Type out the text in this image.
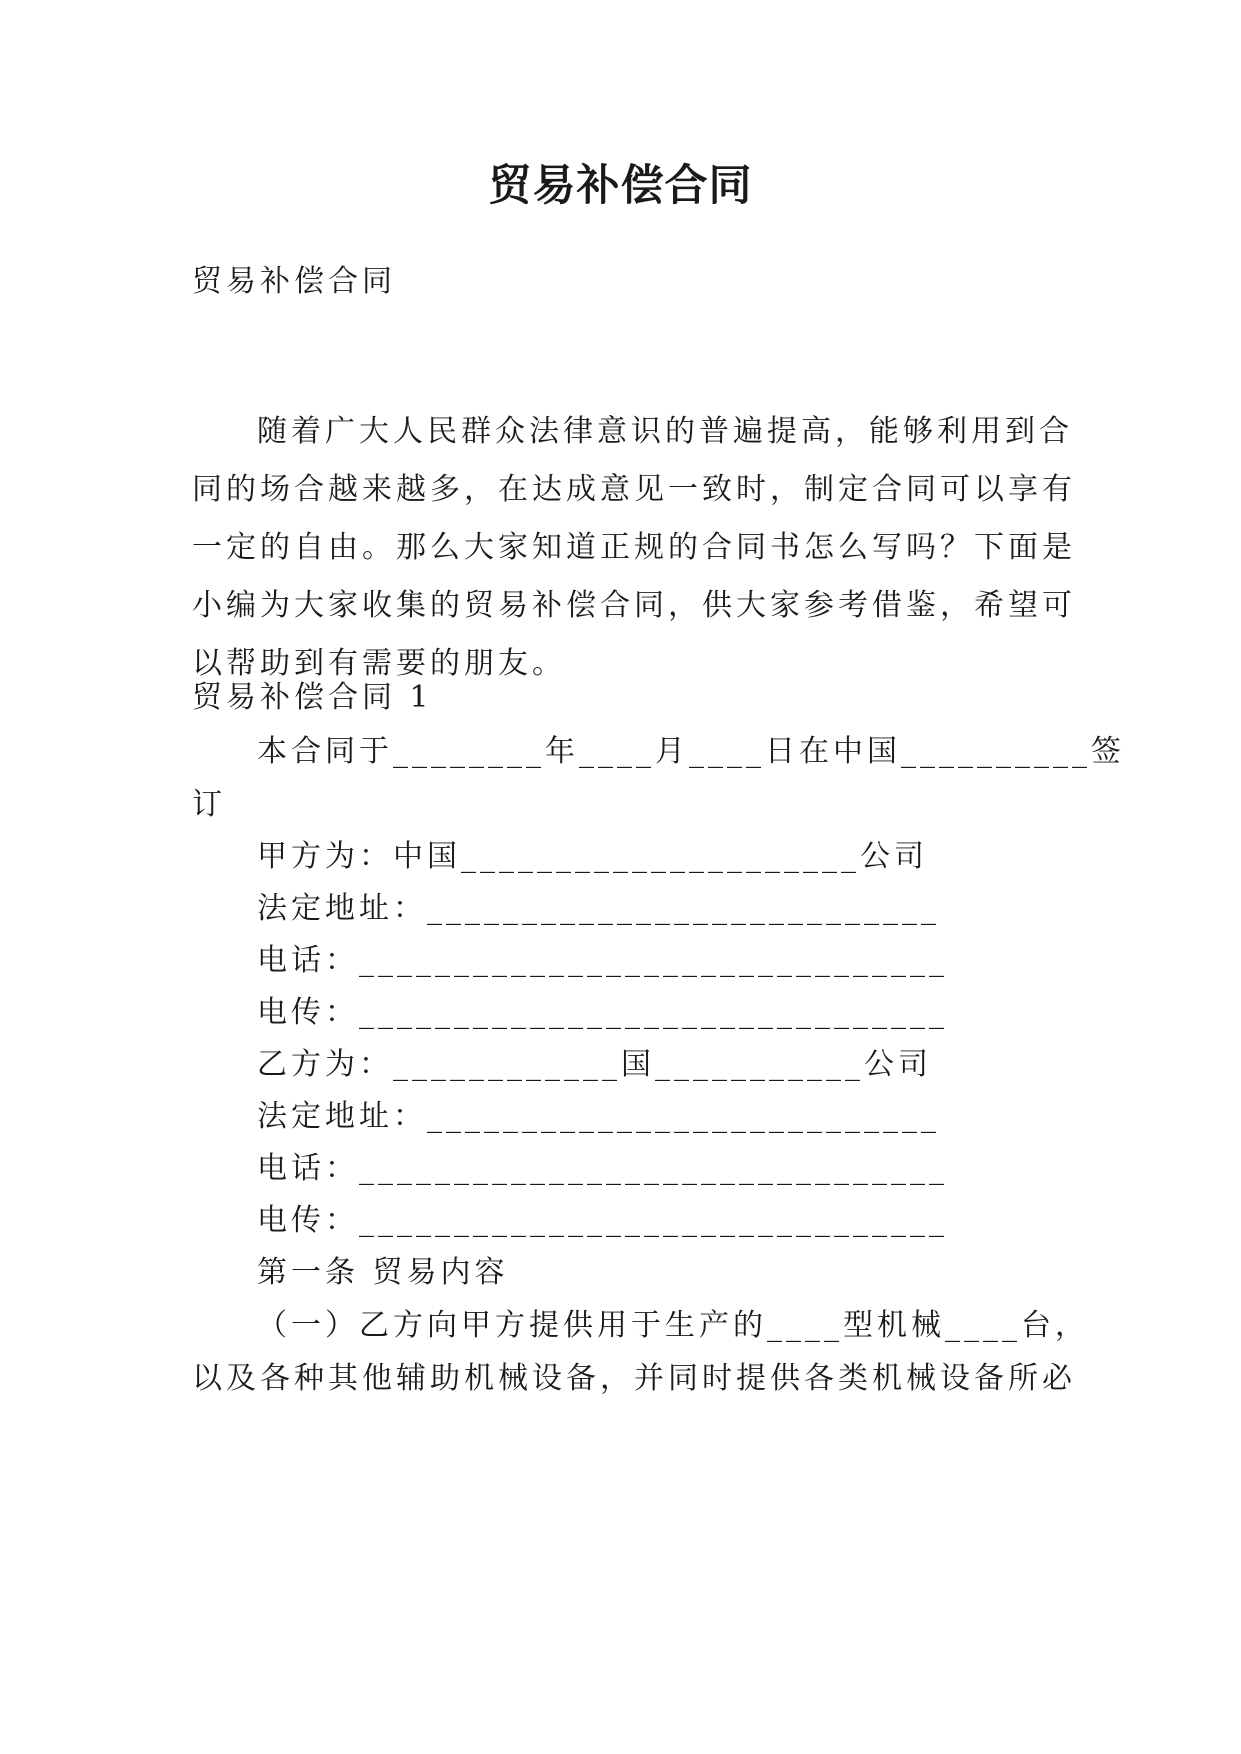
贸易补偿合同

贸易补偿合同

随着广大人民群众法律意识的普遍提高，能够利用到合
同的场合越来越多，在达成意见一致时，制定合同可以享有
一定的自由。那么大家知道正规的合同书怎么写吗？下面是
小编为大家收集的贸易补偿合同，供大家参考借鉴，希望可
以帮助到有需要的朋友。

贸易补偿合同 1

本合同于________年____月____日在中国__________签

订

甲方为：中国_____________________公司

法定地址：___________________________

电话：_______________________________

电传：_______________________________

乙方为：____________国___________公司

法定地址：___________________________

电话：_______________________________

电传：_______________________________

第一条 贸易内容

（一）乙方向甲方提供用于生产的____型机械____台，

以及各种其他辅助机械设备，并同时提供各类机械设备所必
